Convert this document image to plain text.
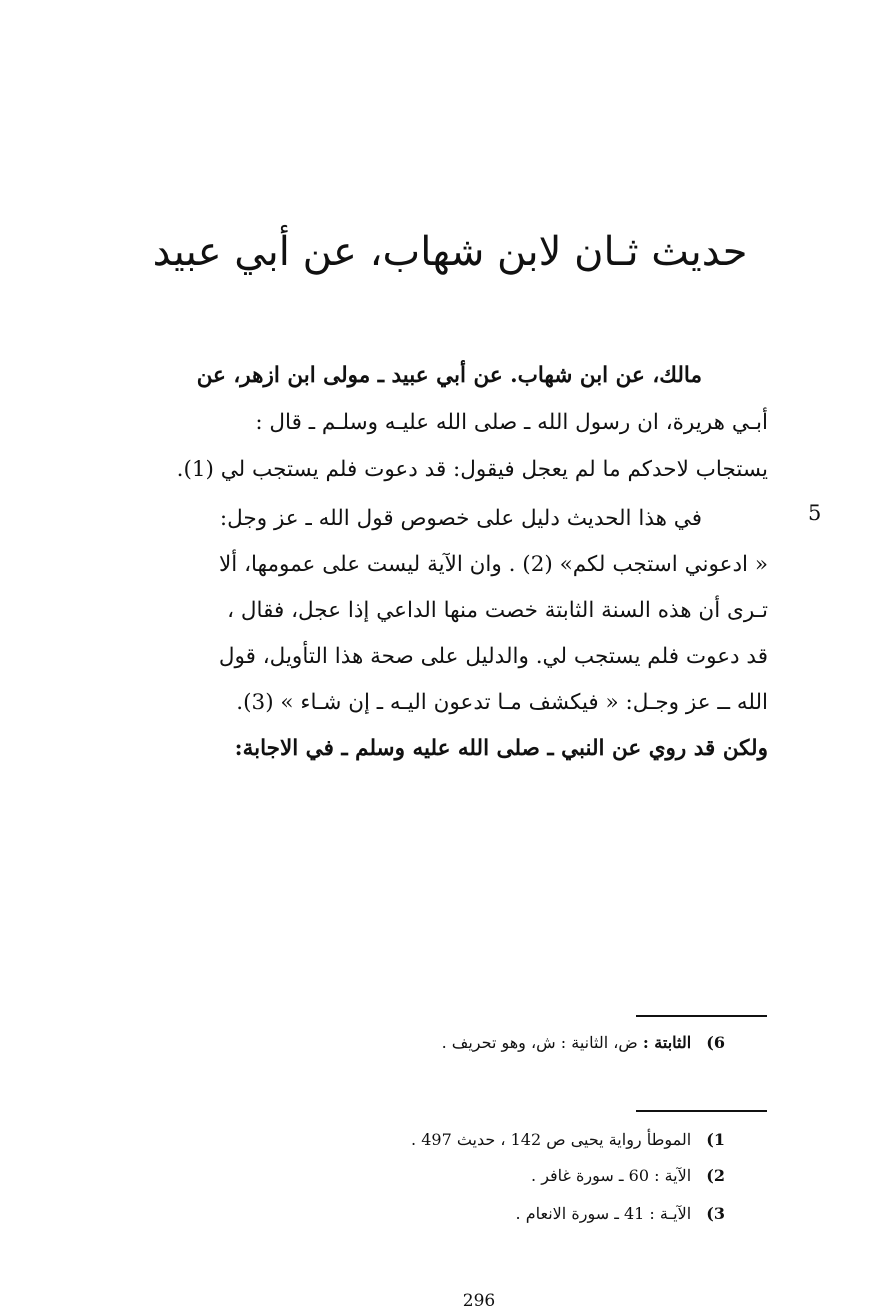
حديث ثـان لابن شهاب، عن أبي عبيد
مالك، عن ابن شهاب. عن أبي عبيد ـ مولى ابن ازهر، عن
أبـي هريرة، ان رسول الله ـ صلى الله عليـه وسلـم ـ قال :
يستجاب لاحدكم ما لم يعجل فيقول: قد دعوت فلم يستجب لي (1).
في هذا الحديث دليل على خصوص قول الله ـ عز وجل:
« ادعوني استجب لكم» (2) . وان الآية ليست على عمومها، ألا
تـرى أن هذه السنة الثابتة خصت منها الداعي إذا عجل، فقال ،
قد دعوت فلم يستجب لي. والدليل على صحة هذا التأويل، قول
الله ــ عز وجـل: « فيكشف مـا تدعون اليـه ـ إن شـاء » (3).
ولكن قد روي عن النبي ـ صلى الله عليه وسلم ـ في الاجابة:
5
6) الثابتة : ض، الثانية : ش، وهو تحريف .
1) الموطأ رواية يحيى ص 142 ، حديث 497 .
2) الآية : 60 ـ سورة غافر .
3) الآيـة : 41 ـ سورة الانعام .
296
